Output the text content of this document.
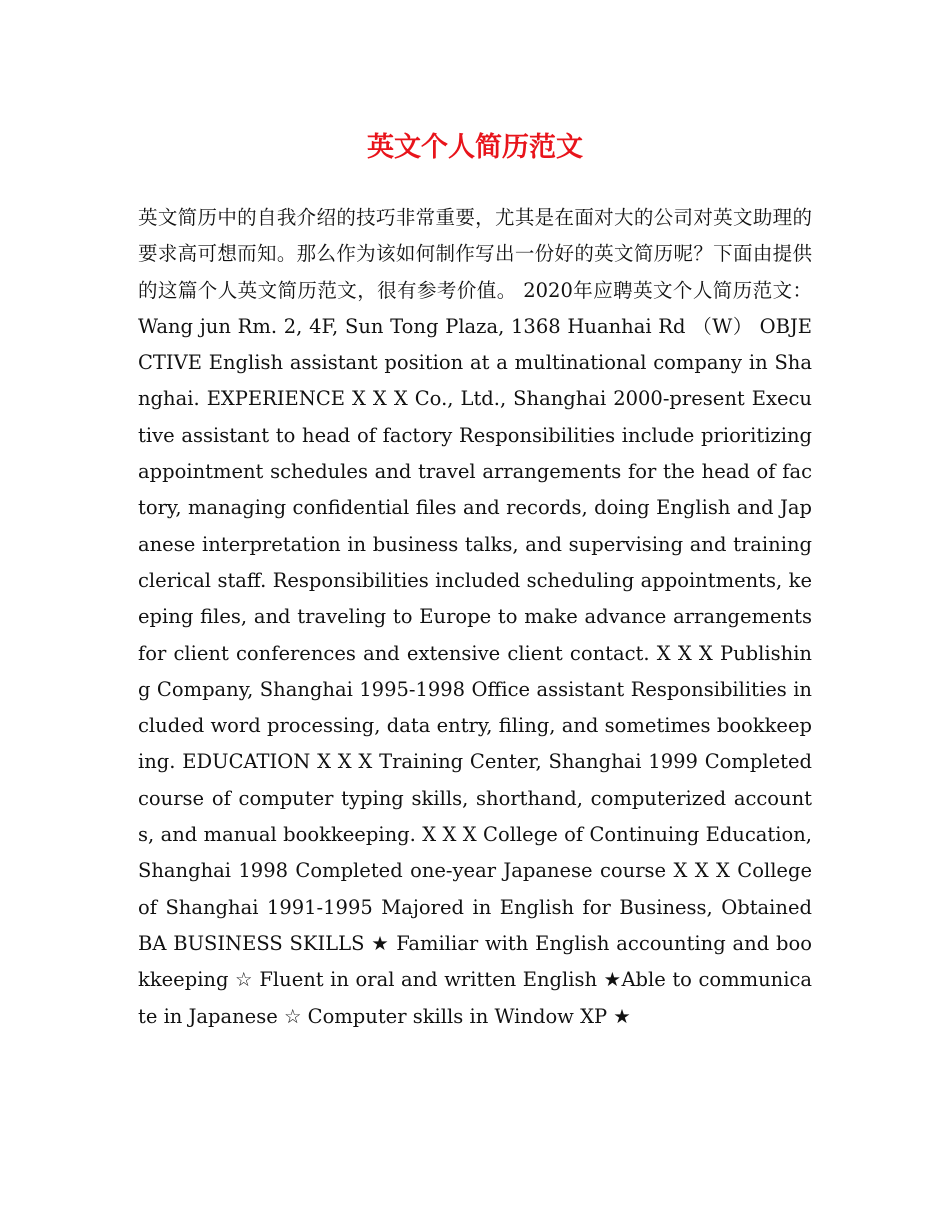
英文个人简历范文

英文简历中的自我介绍的技巧非常重要，尤其是在面对大的公司对英文助理的要求高可想而知。那么作为该如何制作写出一份好的英文简历呢？下面由提供的这篇个人英文简历范文，很有参考价值。 2020年应聘英文个人简历范文： Wang jun Rm. 2, 4F, Sun Tong Plaza, 1368 Huanhai Rd （W） OBJECTIVE English assistant position at a multinational company in Shanghai. EXPERIENCE X X X Co., Ltd., Shanghai 2000-present Executive assistant to head of factory Responsibilities include prioritizing appointment schedules and travel arrangements for the head of factory, managing confidential files and records, doing English and Japanese interpretation in business talks, and supervising and training clerical staff. Responsibilities included scheduling appointments, keeping files, and traveling to Europe to make advance arrangements for client conferences and extensive client contact. X X X Publishing Company, Shanghai 1995-1998 Office assistant Responsibilities included word processing, data entry, filing, and sometimes bookkeeping. EDUCATION X X X Training Center, Shanghai 1999 Completed course of computer typing skills, shorthand, computerized accounts, and manual bookkeeping. X X X College of Continuing Education, Shanghai 1998 Completed one-year Japanese course X X X College of Shanghai 1991-1995 Majored in English for Business, Obtained BA BUSINESS SKILLS ★ Familiar with English accounting and bookkeeping ☆ Fluent in oral and written English ★Able to communicate in Japanese ☆ Computer skills in Window XP ★
